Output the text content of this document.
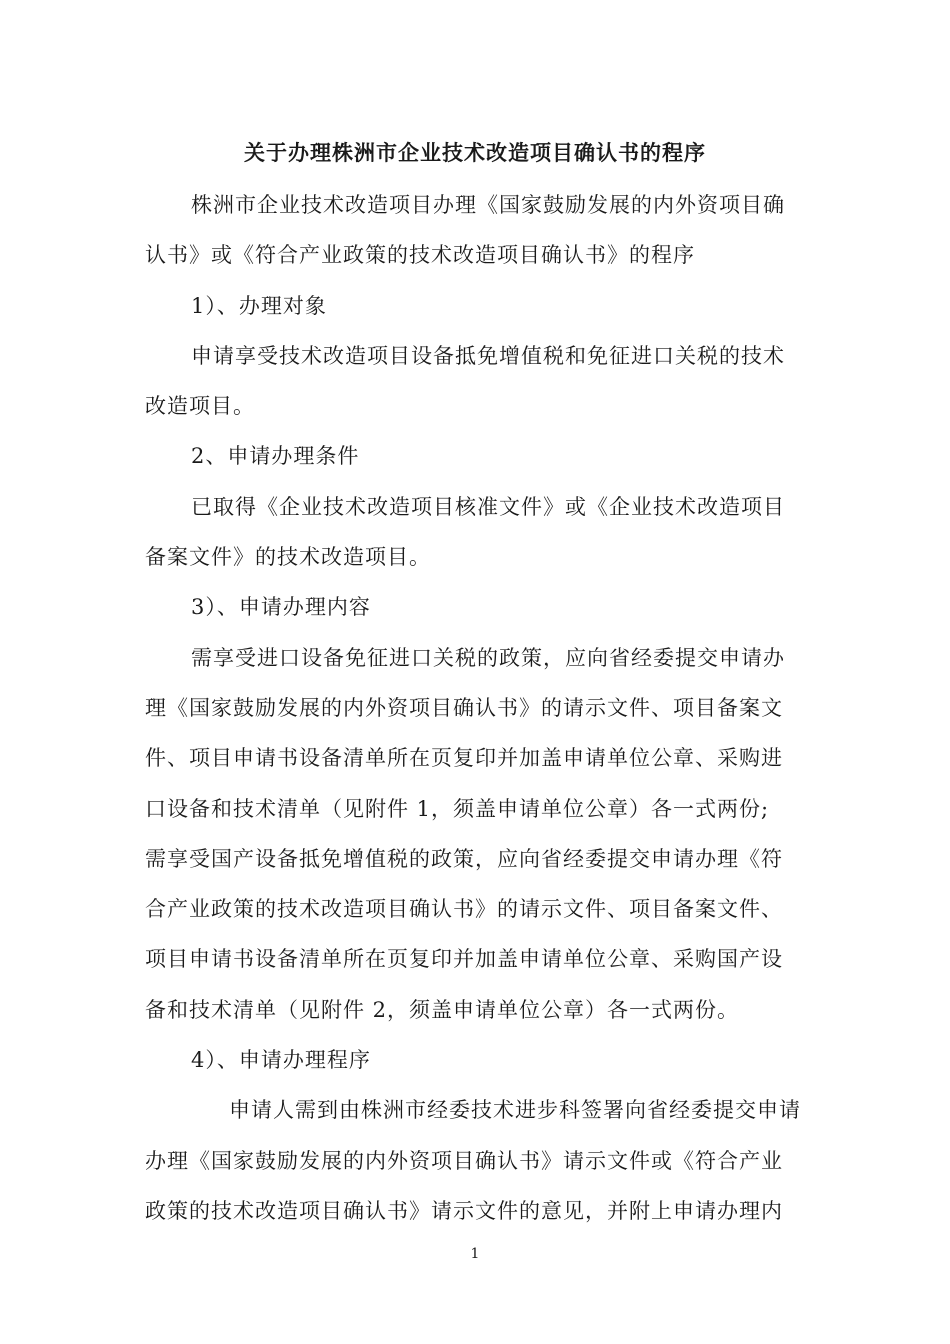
关于办理株洲市企业技术改造项目确认书的程序
株洲市企业技术改造项目办理《国家鼓励发展的内外资项目确
认书》或《符合产业政策的技术改造项目确认书》的程序
1）、办理对象
申请享受技术改造项目设备抵免增值税和免征进口关税的技术
改造项目。
2、申请办理条件
已取得《企业技术改造项目核准文件》或《企业技术改造项目
备案文件》的技术改造项目。
3）、申请办理内容
需享受进口设备免征进口关税的政策，应向省经委提交申请办
理《国家鼓励发展的内外资项目确认书》的请示文件、项目备案文
件、项目申请书设备清单所在页复印并加盖申请单位公章、采购进
口设备和技术清单（见附件 1，须盖申请单位公章）各一式两份;
需享受国产设备抵免增值税的政策，应向省经委提交申请办理《符
合产业政策的技术改造项目确认书》的请示文件、项目备案文件、
项目申请书设备清单所在页复印并加盖申请单位公章、采购国产设
备和技术清单（见附件 2，须盖申请单位公章）各一式两份。
4）、申请办理程序
申请人需到由株洲市经委技术进步科签署向省经委提交申请
办理《国家鼓励发展的内外资项目确认书》请示文件或《符合产业
政策的技术改造项目确认书》请示文件的意见，并附上申请办理内
1
